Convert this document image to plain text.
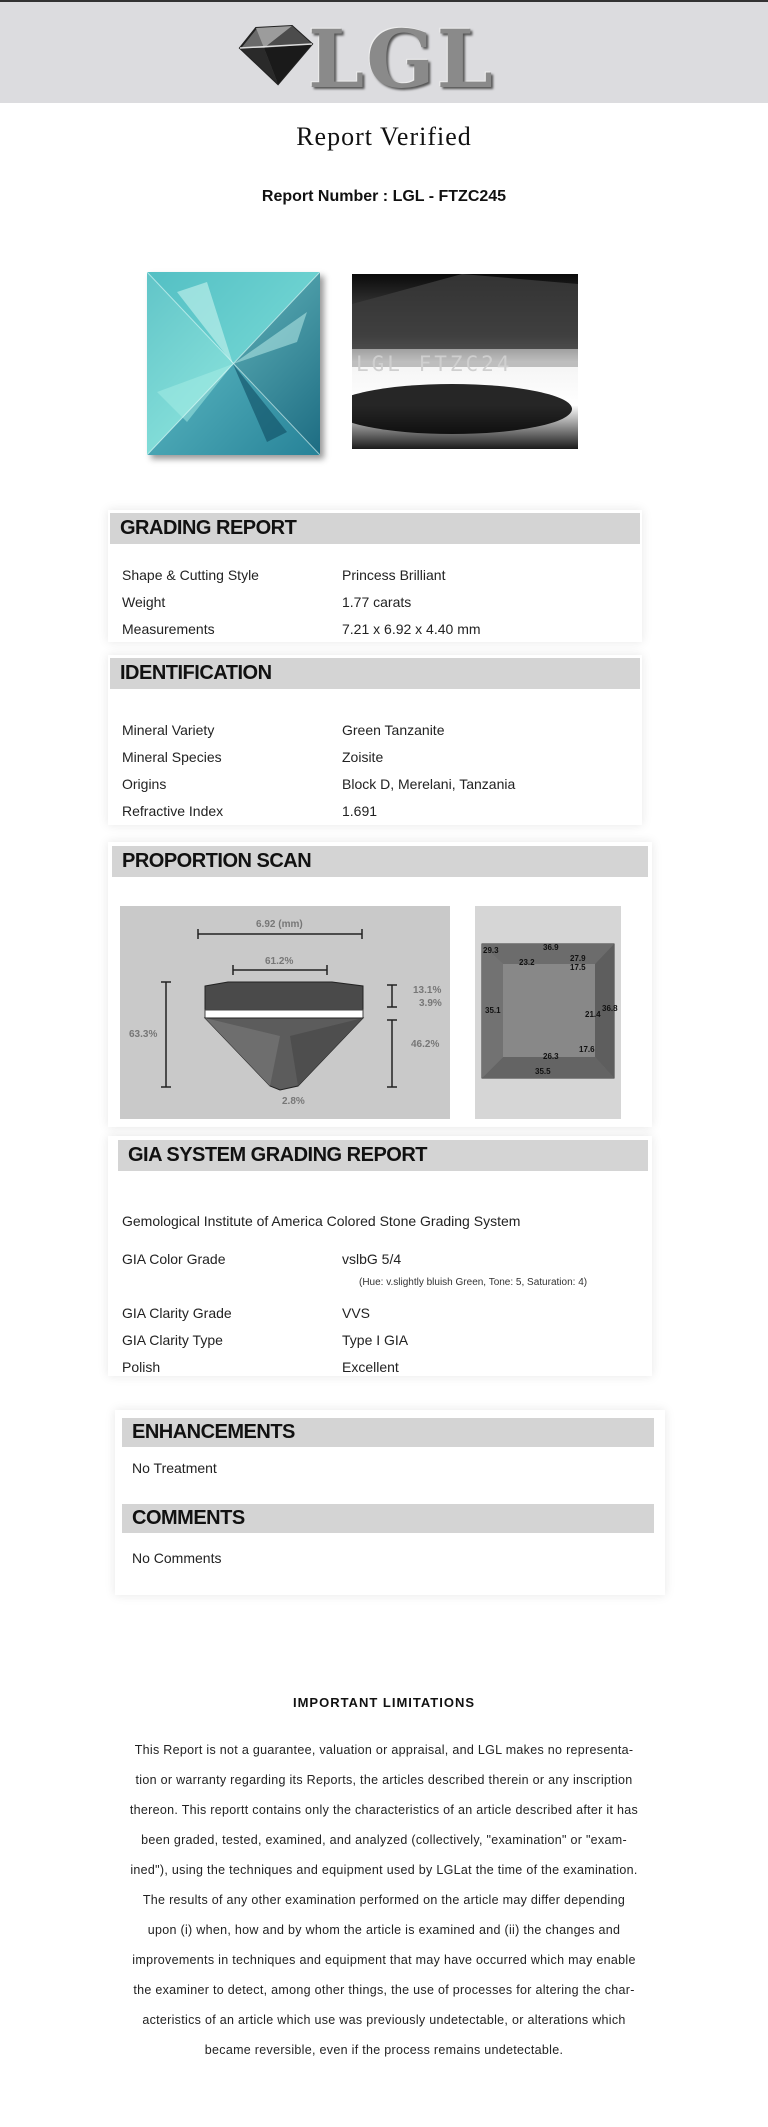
LGL
Report Verified
Report Number : LGL - FTZC245
LGL FTZC24
GRADING REPORT
Shape & Cutting Style	Princess Brilliant
Weight	1.77 carats
Measurements	7.21 x 6.92 x 4.40 mm
IDENTIFICATION
Mineral Variety	Green Tanzanite
Mineral Species	Zoisite
Origins	Block D, Merelani, Tanzania
Refractive Index	1.691
PROPORTION SCAN
6.92 (mm)
61.2%
63.3%
13.1%
3.9%
46.2%
2.8%
29.3	36.9
23.2	27.9
17.5
35.1	21.4
36.8
26.3
17.6
35.5
GIA SYSTEM GRADING REPORT
Gemological Institute of America Colored Stone Grading System
GIA Color Grade	vslbG 5/4
(Hue: v.slightly bluish Green, Tone: 5, Saturation: 4)
GIA Clarity Grade	VVS
GIA Clarity Type	Type I GIA
Polish	Excellent
ENHANCEMENTS
No Treatment
COMMENTS
No Comments
IMPORTANT LIMITATIONS
This Report is not a guarantee, valuation or appraisal, and LGL makes no representa-
tion or warranty regarding its Reports, the articles described therein or any inscription
thereon. This reportt contains only the characteristics of an article described after it has
been graded, tested, examined, and analyzed (collectively, "examination" or "exam-
ined"), using the techniques and equipment used by LGLat the time of the examination.
The results of any other examination performed on the article may differ depending
upon (i) when, how and by whom the article is examined and (ii) the changes and
improvements in techniques and equipment that may have occurred which may enable
the examiner to detect, among other things, the use of processes for altering the char-
acteristics of an article which use was previously undetectable, or alterations which
became reversible, even if the process remains undetectable.
